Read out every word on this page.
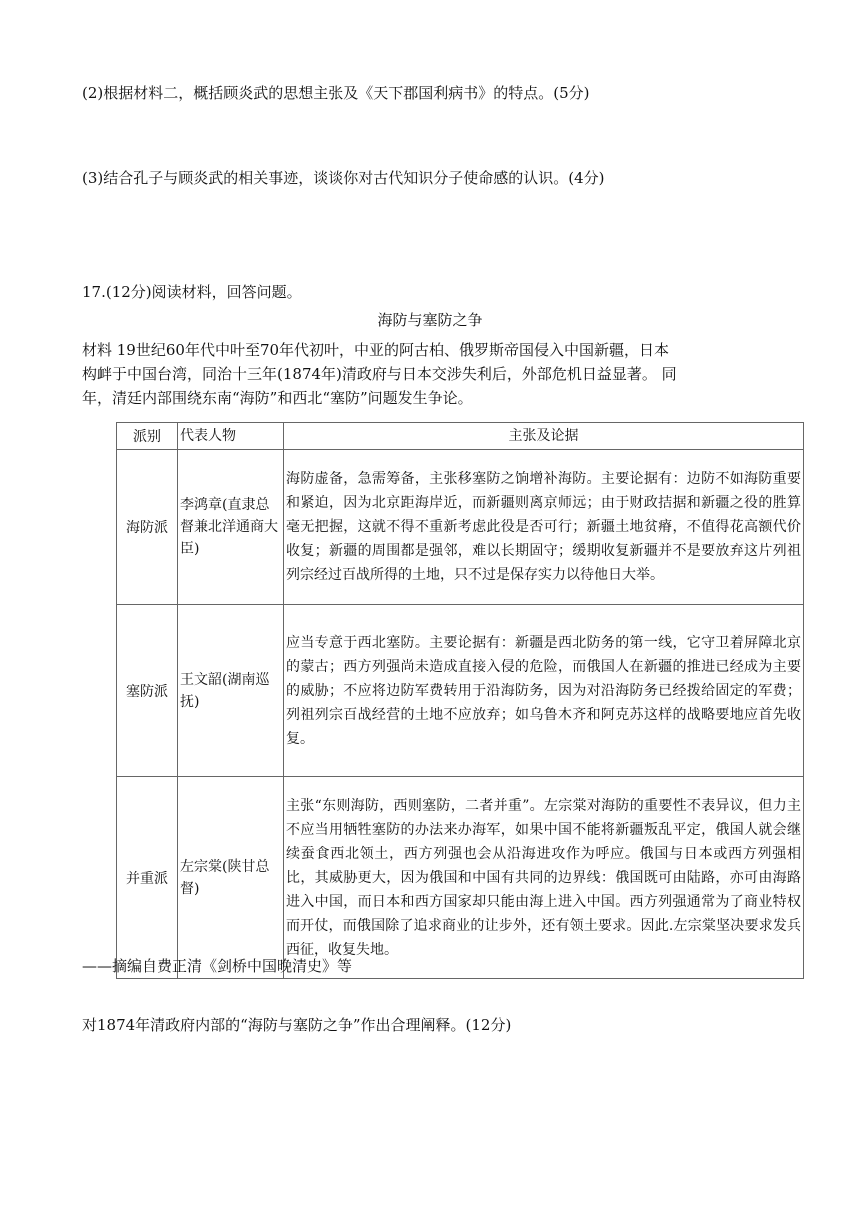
(2)根据材料二，概括顾炎武的思想主张及《天下郡国利病书》的特点。(5分)
(3)结合孔子与顾炎武的相关事迹，谈谈你对古代知识分子使命感的认识。(4分)
17.(12分)阅读材料，回答问题。
海防与塞防之争
材料 19世纪60年代中叶至70年代初叶，中亚的阿古柏、俄罗斯帝国侵入中国新疆，日本
构衅于中国台湾，同治十三年(1874年)清政府与日本交涉失利后，外部危机日益显著。 同
年，清廷内部围绕东南“海防”和西北“塞防”问题发生争论。
派别	代表人物	主张及论据
海防派	李鸿章(直隶总督兼北洋通商大臣)	海防虚备，急需筹备，主张移塞防之饷增补海防。主要论据有：边防不如海防重要和紧迫，因为北京距海岸近，而新疆则离京师远；由于财政拮据和新疆之役的胜算毫无把握，这就不得不重新考虑此役是否可行；新疆土地贫瘠，不值得花高额代价收复；新疆的周围都是强邻，难以长期固守；缓期收复新疆并不是要放弃这片列祖列宗经过百战所得的土地，只不过是保存实力以待他日大举。
塞防派	王文韶(湖南巡抚)	应当专意于西北塞防。主要论据有：新疆是西北防务的第一线，它守卫着屏障北京的蒙古；西方列强尚未造成直接入侵的危险，而俄国人在新疆的推进已经成为主要的威胁；不应将边防军费转用于沿海防务，因为对沿海防务已经拨给固定的军费；列祖列宗百战经营的土地不应放弃；如乌鲁木齐和阿克苏这样的战略要地应首先收复。
并重派	左宗棠(陕甘总督)	主张“东则海防，西则塞防，二者并重”。左宗棠对海防的重要性不表异议，但力主不应当用牺牲塞防的办法来办海军，如果中国不能将新疆叛乱平定，俄国人就会继续蚕食西北领土，西方列强也会从沿海进攻作为呼应。俄国与日本或西方列强相比，其威胁更大，因为俄国和中国有共同的边界线：俄国既可由陆路，亦可由海路进入中国，而日本和西方国家却只能由海上进入中国。西方列强通常为了商业特权而开仗，而俄国除了追求商业的让步外，还有领土要求。因此.左宗棠坚决要求发兵西征，收复失地。
——摘编自费正清《剑桥中国晚清史》等
对1874年清政府内部的“海防与塞防之争”作出合理阐释。(12分)
